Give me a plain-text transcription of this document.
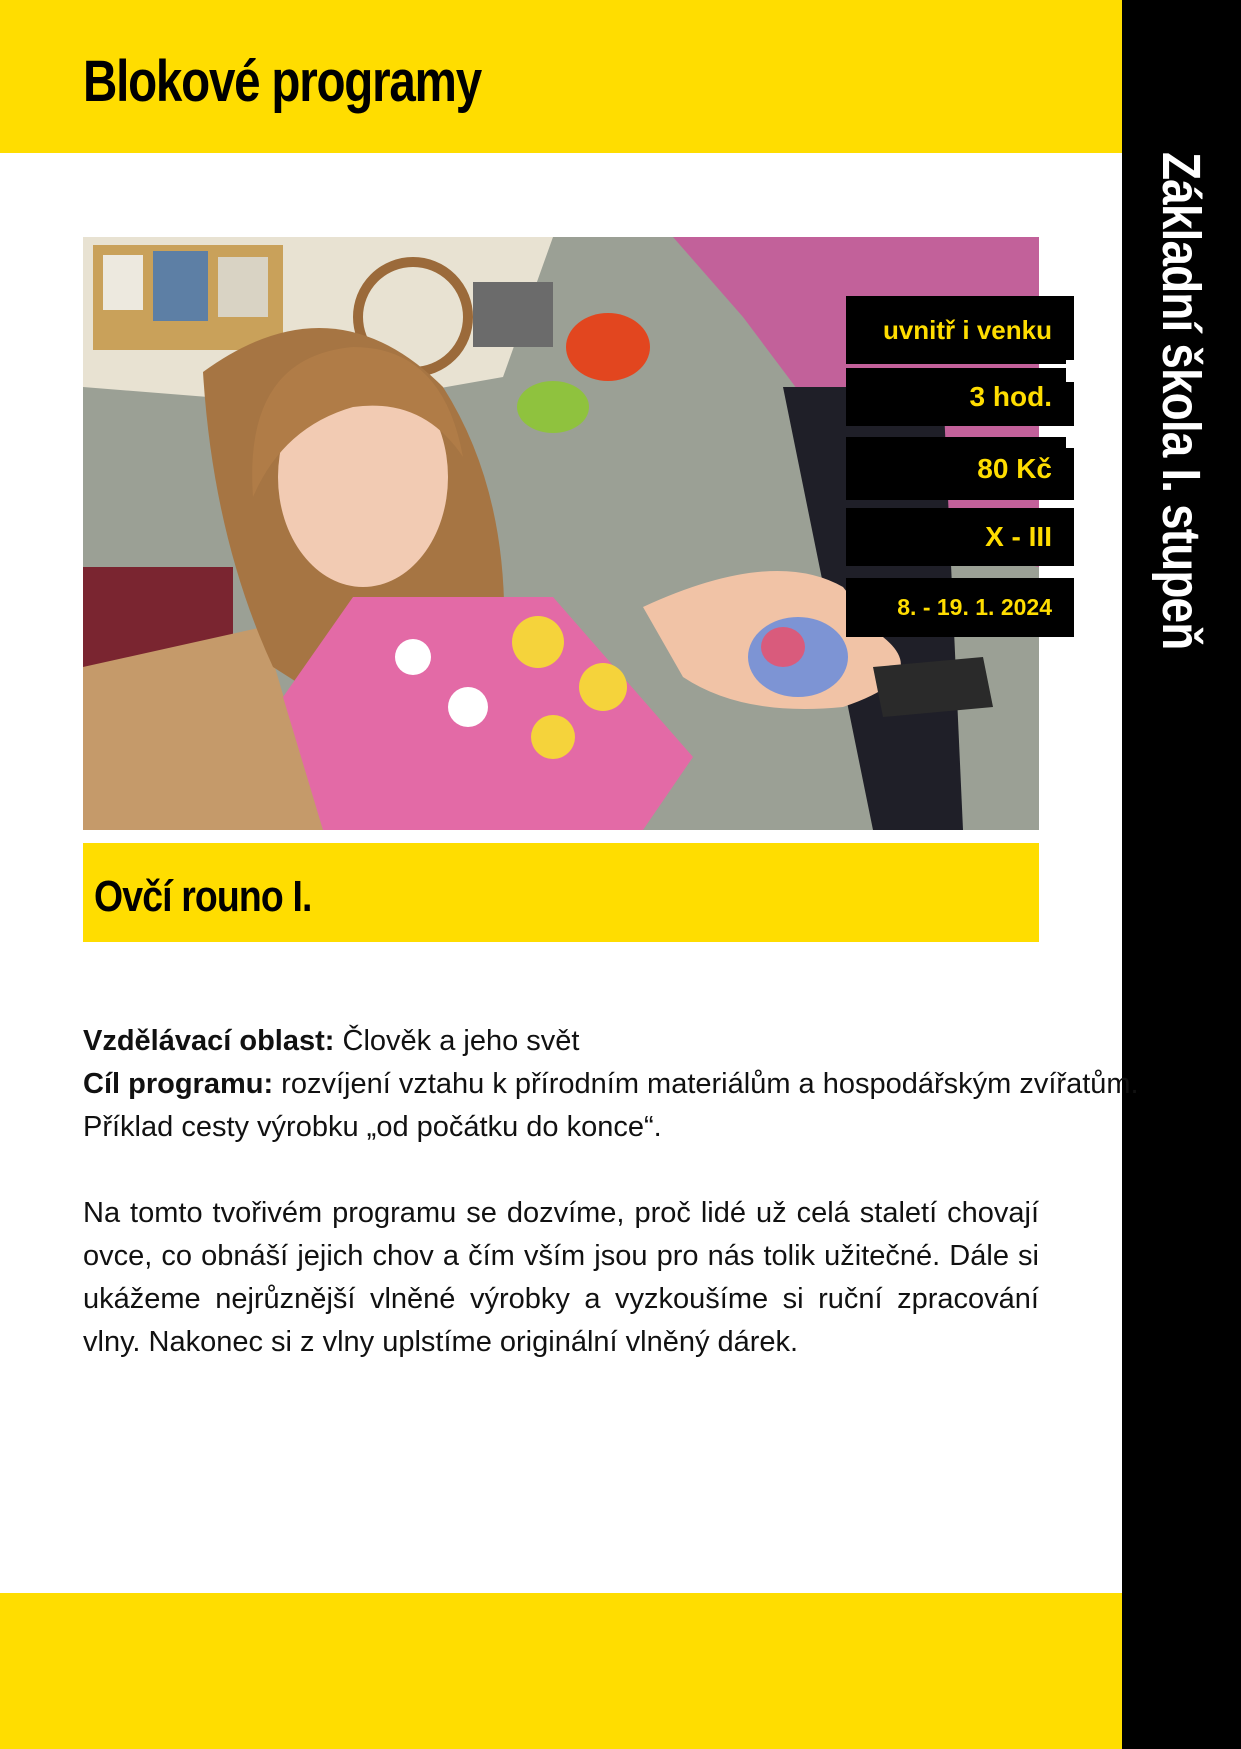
Blokové programy
Základní škola I. stupeň
uvnitř i venku
3 hod.
80 Kč
X - III
8. - 19. 1. 2024
Ovčí rouno I.

Vzdělávací oblast: Člověk a jeho svět

Cíl programu: rozvíjení vztahu k přírodním materiálům a hospodářským zvířatům.

Příklad cesty výrobku „od počátku do konce“.

Na tomto tvořivém programu se dozvíme, proč lidé už celá staletí chovají ovce, co obnáší jejich chov a čím vším jsou pro nás tolik užitečné. Dále si ukážeme nejrůznější vlněné výrobky a vyzkoušíme si ruční zpracování vlny. Nakonec si z vlny uplstíme originální vlněný dárek.
